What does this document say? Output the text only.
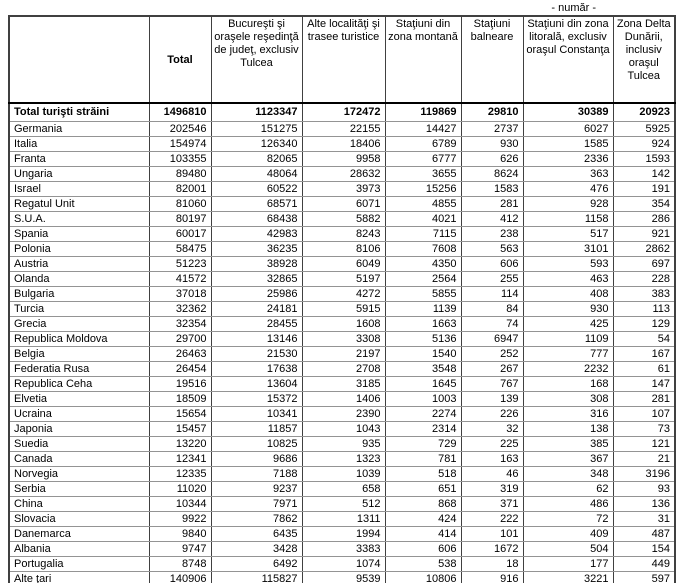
- număr -
	Total	Bucureşti şi oraşele reşedinţă de judeţ, exclusiv Tulcea	Alte localităţi şi trasee turistice	Staţiuni din zona montană	Staţiuni balneare	Staţiuni din zona litorală, exclusiv oraşul Constanţa	Zona Delta Dunării, inclusiv oraşul Tulcea
Total turişti străini	1496810	1123347	172472	119869	29810	30389	20923
Germania	202546	151275	22155	14427	2737	6027	5925
Italia	154974	126340	18406	6789	930	1585	924
Franta	103355	82065	9958	6777	626	2336	1593
Ungaria	89480	48064	28632	3655	8624	363	142
Israel	82001	60522	3973	15256	1583	476	191
Regatul Unit	81060	68571	6071	4855	281	928	354
S.U.A.	80197	68438	5882	4021	412	1158	286
Spania	60017	42983	8243	7115	238	517	921
Polonia	58475	36235	8106	7608	563	3101	2862
Austria	51223	38928	6049	4350	606	593	697
Olanda	41572	32865	5197	2564	255	463	228
Bulgaria	37018	25986	4272	5855	114	408	383
Turcia	32362	24181	5915	1139	84	930	113
Grecia	32354	28455	1608	1663	74	425	129
Republica Moldova	29700	13146	3308	5136	6947	1109	54
Belgia	26463	21530	2197	1540	252	777	167
Federatia Rusa	26454	17638	2708	3548	267	2232	61
Republica Ceha	19516	13604	3185	1645	767	168	147
Elvetia	18509	15372	1406	1003	139	308	281
Ucraina	15654	10341	2390	2274	226	316	107
Japonia	15457	11857	1043	2314	32	138	73
Suedia	13220	10825	935	729	225	385	121
Canada	12341	9686	1323	781	163	367	21
Norvegia	12335	7188	1039	518	46	348	3196
Serbia	11020	9237	658	651	319	62	93
China	10344	7971	512	868	371	486	136
Slovacia	9922	7862	1311	424	222	72	31
Danemarca	9840	6435	1994	414	101	409	487
Albania	9747	3428	3383	606	1672	504	154
Portugalia	8748	6492	1074	538	18	177	449
Alte ţari	140906	115827	9539	10806	916	3221	597
